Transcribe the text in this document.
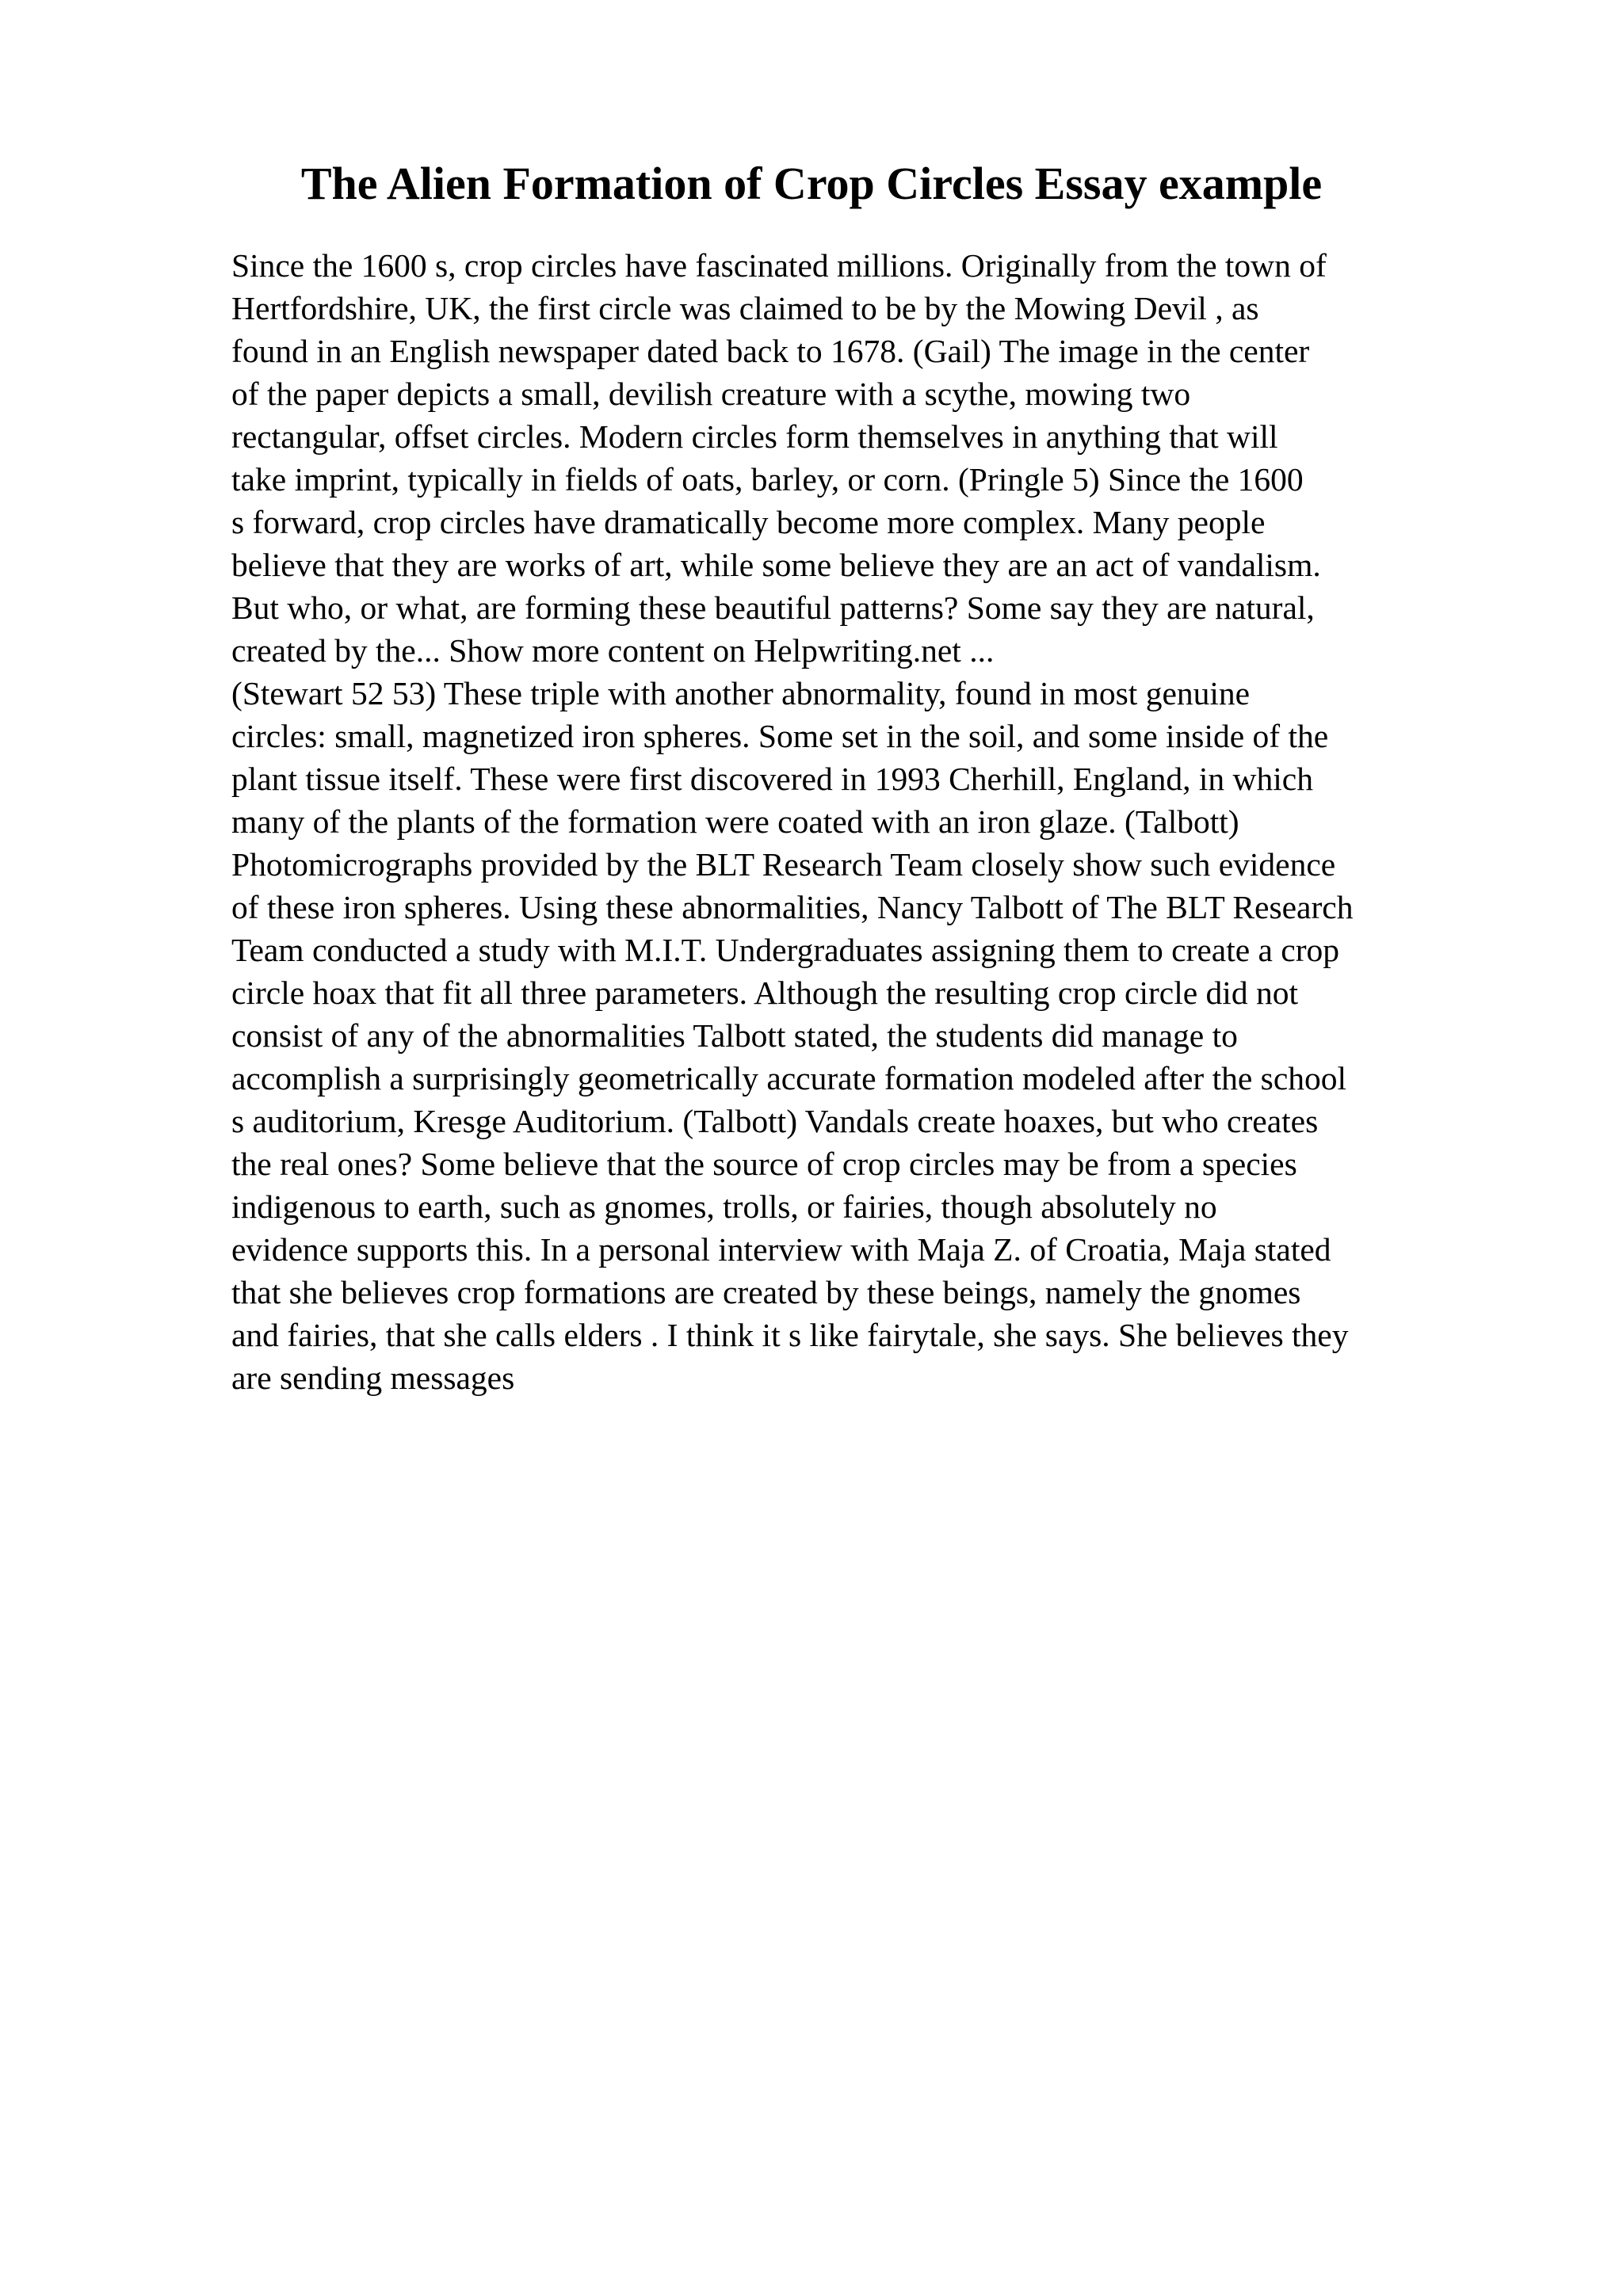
The Alien Formation of Crop Circles Essay example
Since the 1600 s, crop circles have fascinated millions. Originally from the town of
Hertfordshire, UK, the first circle was claimed to be by the Mowing Devil , as
found in an English newspaper dated back to 1678. (Gail) The image in the center
of the paper depicts a small, devilish creature with a scythe, mowing two
rectangular, offset circles. Modern circles form themselves in anything that will
take imprint, typically in fields of oats, barley, or corn. (Pringle 5) Since the 1600
s forward, crop circles have dramatically become more complex. Many people
believe that they are works of art, while some believe they are an act of vandalism.
But who, or what, are forming these beautiful patterns? Some say they are natural,
created by the... Show more content on Helpwriting.net ...
(Stewart 52 53) These triple with another abnormality, found in most genuine
circles: small, magnetized iron spheres. Some set in the soil, and some inside of the
plant tissue itself. These were first discovered in 1993 Cherhill, England, in which
many of the plants of the formation were coated with an iron glaze. (Talbott)
Photomicrographs provided by the BLT Research Team closely show such evidence
of these iron spheres. Using these abnormalities, Nancy Talbott of The BLT Research
Team conducted a study with M.I.T. Undergraduates assigning them to create a crop
circle hoax that fit all three parameters. Although the resulting crop circle did not
consist of any of the abnormalities Talbott stated, the students did manage to
accomplish a surprisingly geometrically accurate formation modeled after the school
s auditorium, Kresge Auditorium. (Talbott) Vandals create hoaxes, but who creates
the real ones? Some believe that the source of crop circles may be from a species
indigenous to earth, such as gnomes, trolls, or fairies, though absolutely no
evidence supports this. In a personal interview with Maja Z. of Croatia, Maja stated
that she believes crop formations are created by these beings, namely the gnomes
and fairies, that she calls elders . I think it s like fairytale, she says. She believes they
are sending messages
